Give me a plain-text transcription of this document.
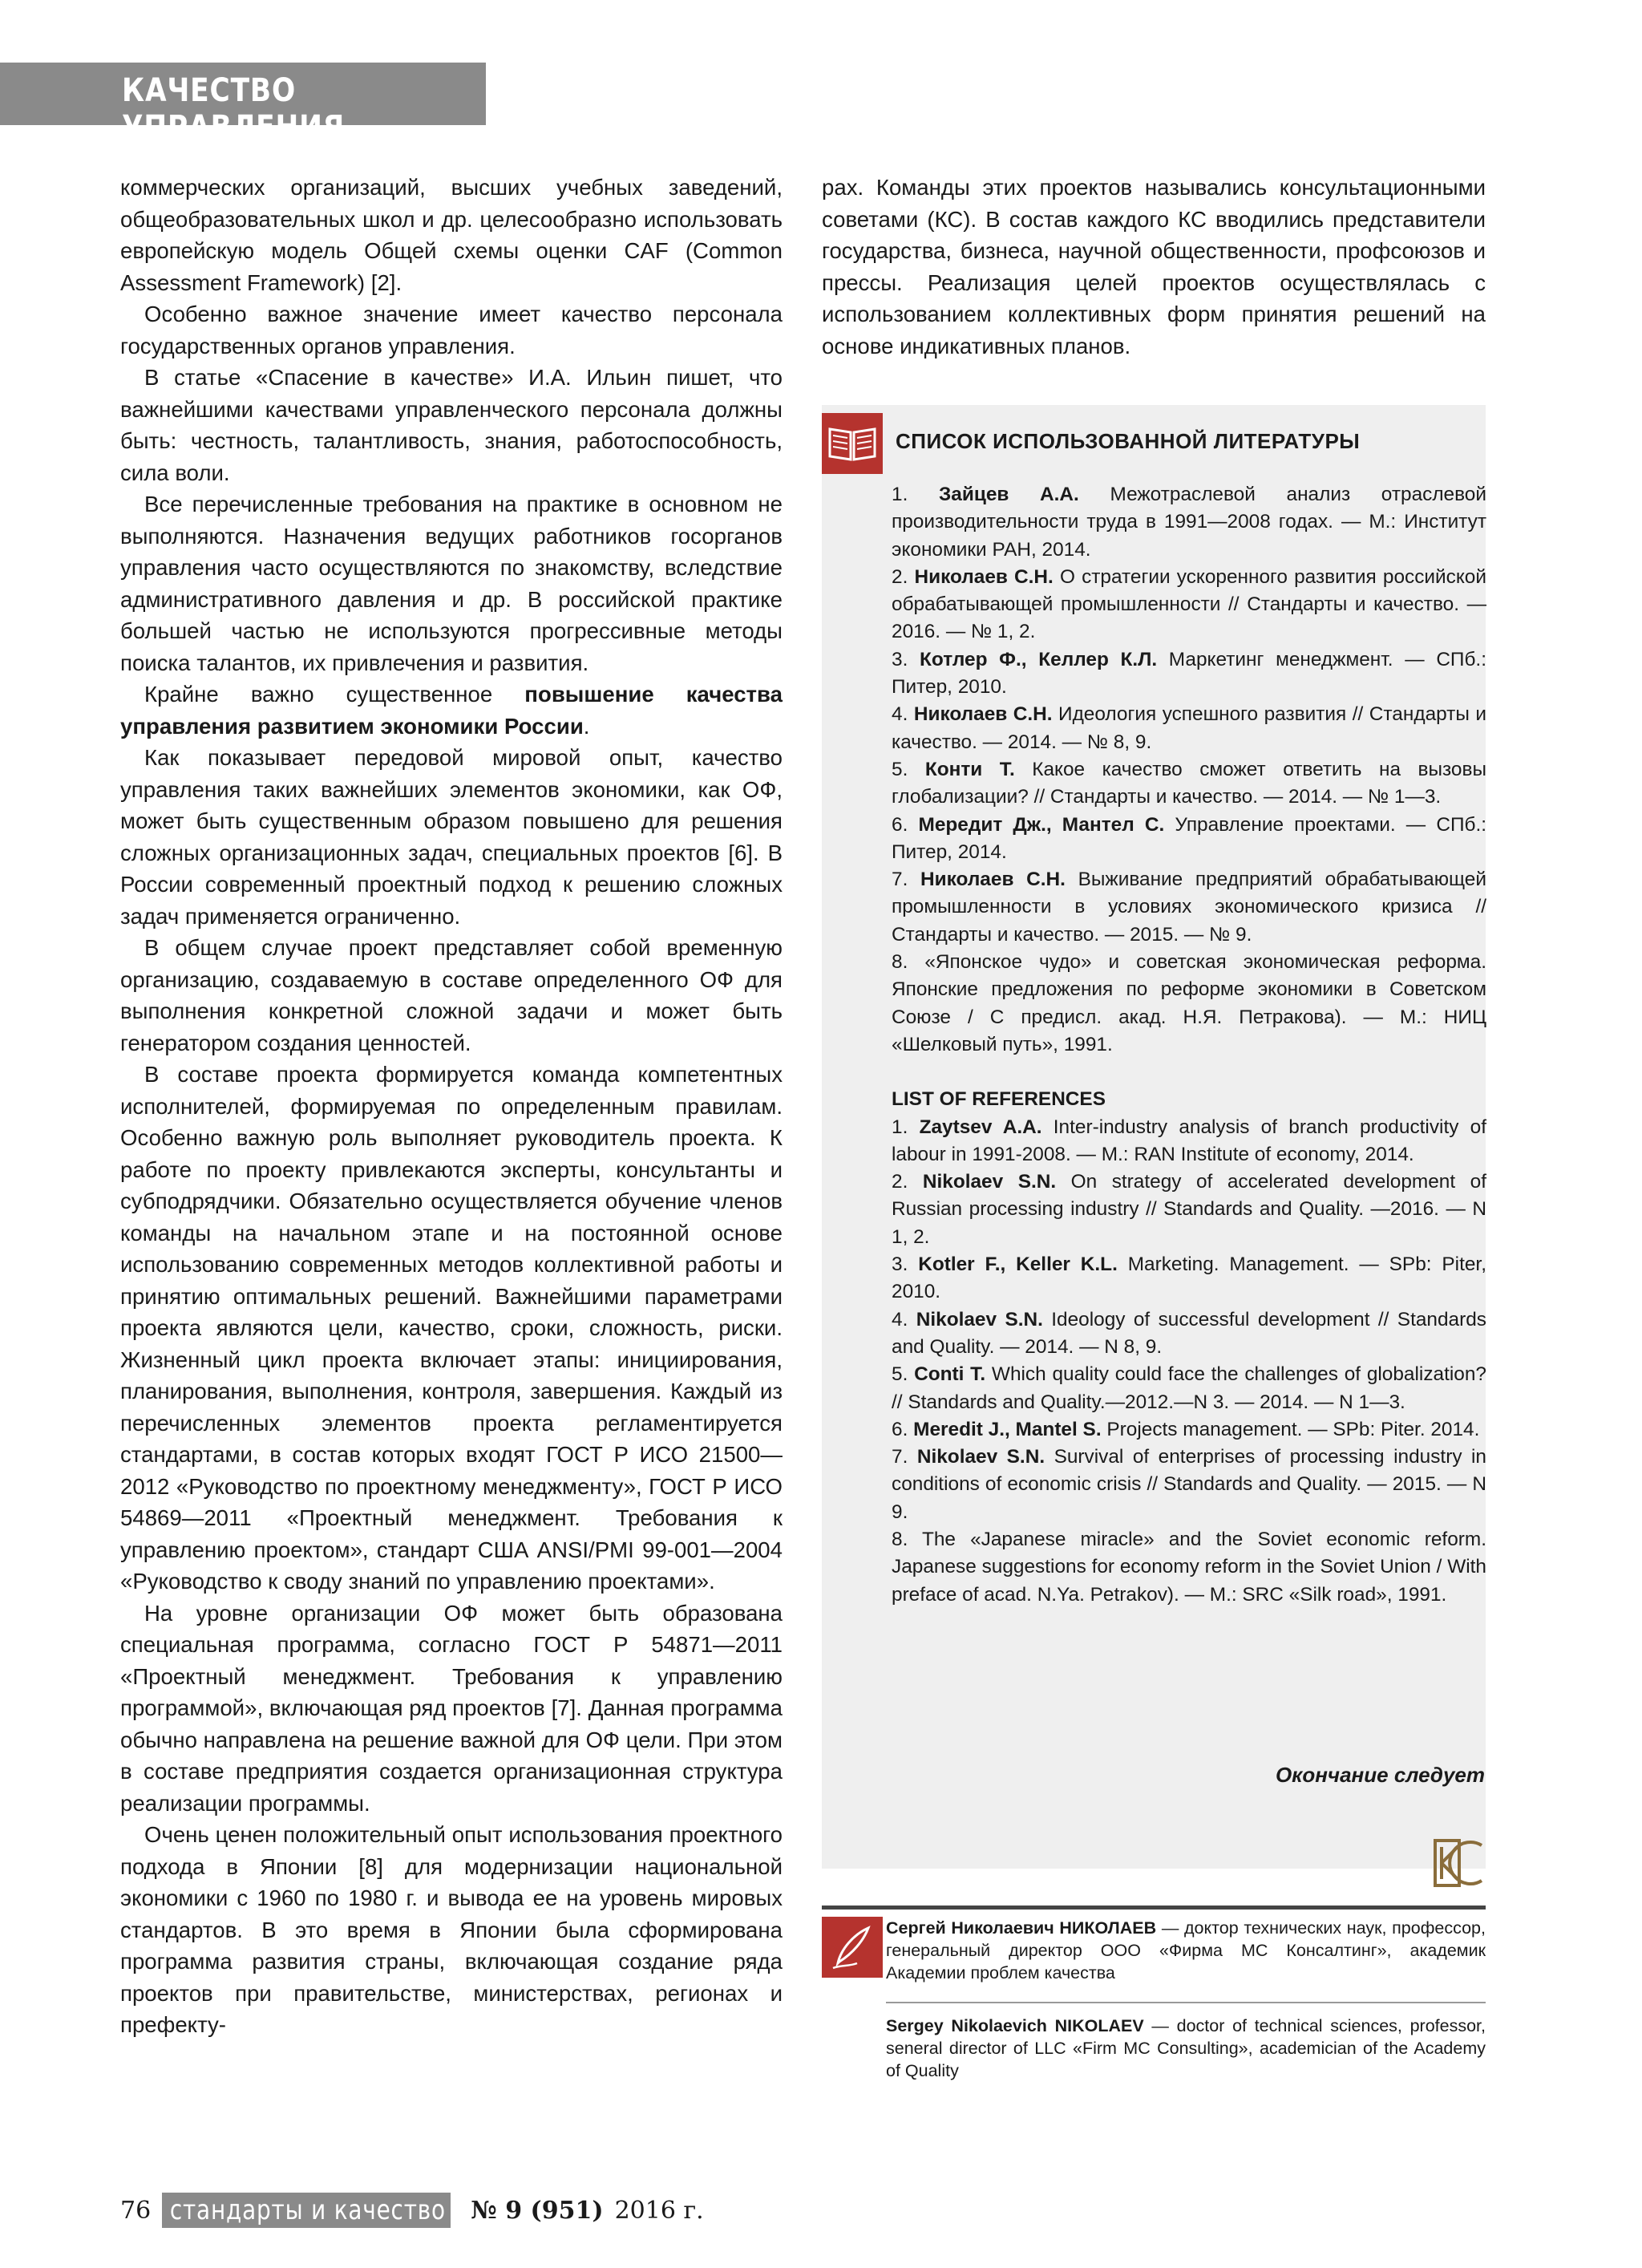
КАЧЕСТВО УПРАВЛЕНИЯ

коммерческих организаций, высших учебных заведений, общеобразовательных школ и др. целесообразно использовать европейскую модель Общей схемы оценки CAF (Common Assessment Framework) [2].

Особенно важное значение имеет качество персонала государственных органов управления.

В статье «Спасение в качестве» И.А. Ильин пишет, что важнейшими качествами управленческого персонала должны быть: честность, талантливость, знания, работоспособность, сила воли.

Все перечисленные требования на практике в основном не выполняются. Назначения ведущих работников госорганов управления часто осуществляются по знакомству, вследствие административного давления и др. В российской практике большей частью не используются прогрессивные методы поиска талантов, их привлечения и развития.

Крайне важно существенное повышение качества управления развитием экономики России.

Как показывает передовой мировой опыт, качество управления таких важнейших элементов экономики, как ОФ, может быть существенным образом повышено для решения сложных организационных задач, специальных проектов [6]. В России современный проектный подход к решению сложных задач применяется ограниченно.

В общем случае проект представляет собой временную организацию, создаваемую в составе определенного ОФ для выполнения конкретной сложной задачи и может быть генератором создания ценностей.

В составе проекта формируется команда компетентных исполнителей, формируемая по определенным правилам. Особенно важную роль выполняет руководитель проекта. К работе по проекту привлекаются эксперты, консультанты и субподрядчики. Обязательно осуществляется обучение членов команды на начальном этапе и на постоянной основе использованию современных методов коллективной работы и принятию оптимальных решений. Важнейшими параметрами проекта являются цели, качество, сроки, сложность, риски. Жизненный цикл проекта включает этапы: инициирования, планирования, выполнения, контроля, завершения. Каждый из перечисленных элементов проекта регламентируется стандартами, в состав которых входят ГОСТ Р ИСО 21500—2012 «Руководство по проектному менеджменту», ГОСТ Р ИСО 54869—2011 «Проектный менеджмент. Требования к управлению проектом», стандарт США ANSI/PMI 99-001—2004 «Руководство к своду знаний по управлению проектами».

На уровне организации ОФ может быть образована специальная программа, согласно ГОСТ Р 54871—2011 «Проектный менеджмент. Требования к управлению программой», включающая ряд проектов [7]. Данная программа обычно направлена на решение важной для ОФ цели. При этом в составе предприятия создается организационная структура реализации программы.

Очень ценен положительный опыт использования проектного подхода в Японии [8] для модернизации национальной экономики с 1960 по 1980 г. и вывода ее на уровень мировых стандартов. В это время в Японии была сформирована программа развития страны, включающая создание ряда проектов при правительстве, министерствах, регионах и префекту-

рах. Команды этих проектов назывались консультационными советами (КС). В состав каждого КС вводились представители государства, бизнеса, научной общественности, профсоюзов и прессы. Реализация целей проектов осуществлялась с использованием коллективных форм принятия решений на основе индикативных планов.

СПИСОК ИСПОЛЬЗОВАННОЙ ЛИТЕРАТУРЫ

1. Зайцев А.А. Межотраслевой анализ отраслевой производительности труда в 1991—2008 годах. — М.: Институт экономики РАН, 2014.

2. Николаев С.Н. О стратегии ускоренного развития российской обрабатывающей промышленности // Стандарты и качество. — 2016. — № 1, 2.

3. Котлер Ф., Келлер К.Л. Маркетинг менеджмент. — СПб.: Питер, 2010.

4. Николаев С.Н. Идеология успешного развития // Стандарты и качество. — 2014. — № 8, 9.

5. Конти Т. Какое качество сможет ответить на вызовы глобализации? // Стандарты и качество. — 2014. — № 1—3.

6. Мередит Дж., Мантел С. Управление проектами. — СПб.: Питер, 2014.

7. Николаев С.Н. Выживание предприятий обрабатывающей промышленности в условиях экономического кризиса // Стандарты и качество. — 2015. — № 9.

8. «Японское чудо» и советская экономическая реформа. Японские предложения по реформе экономики в Советском Союзе / С предисл. акад. Н.Я. Петракова). — М.: НИЦ «Шелковый путь», 1991.

LIST OF REFERENCES

1. Zaytsev A.A. Inter-industry analysis of branch productivity of labour in 1991-2008. — M.: RAN Institute of economy, 2014.

2. Nikolaev S.N. On strategy of accelerated development of Russian processing industry // Standards and Quality. —2016. — N 1, 2.

3. Kotler F., Keller K.L. Marketing. Management. — SPb: Piter, 2010.

4. Nikolaev S.N. Ideology of successful development // Standards and Quality. — 2014. — N 8, 9.

5. Conti T. Which quality could face the challenges of globalization? // Standards and Quality.—2012.—N 3. — 2014. — N 1—3.

6. Meredit J., Mantel S. Projects management. — SPb: Piter. 2014.

7. Nikolaev S.N. Survival of enterprises of processing industry in conditions of economic crisis // Standards and Quality. — 2015. — N 9.

8. The «Japanese miracle» and the Soviet economic reform. Japanese suggestions for economy reform in the Soviet Union / With preface of acad. N.Ya. Petrakov). — M.: SRC «Silk road», 1991.

Окончание следует
Сергей Николаевич НИКОЛАЕВ — доктор технических наук, профессор, генеральный директор ООО «Фирма МС Консалтинг», академик Академии проблем качества
Sergey Nikolaevich NIKOLAEV — doctor of technical sciences, professor, seneral director of LLC «Firm MC Consulting», academician of the Academy of Quality
76 стандарты и качество № 9 (951) 2016 г.
